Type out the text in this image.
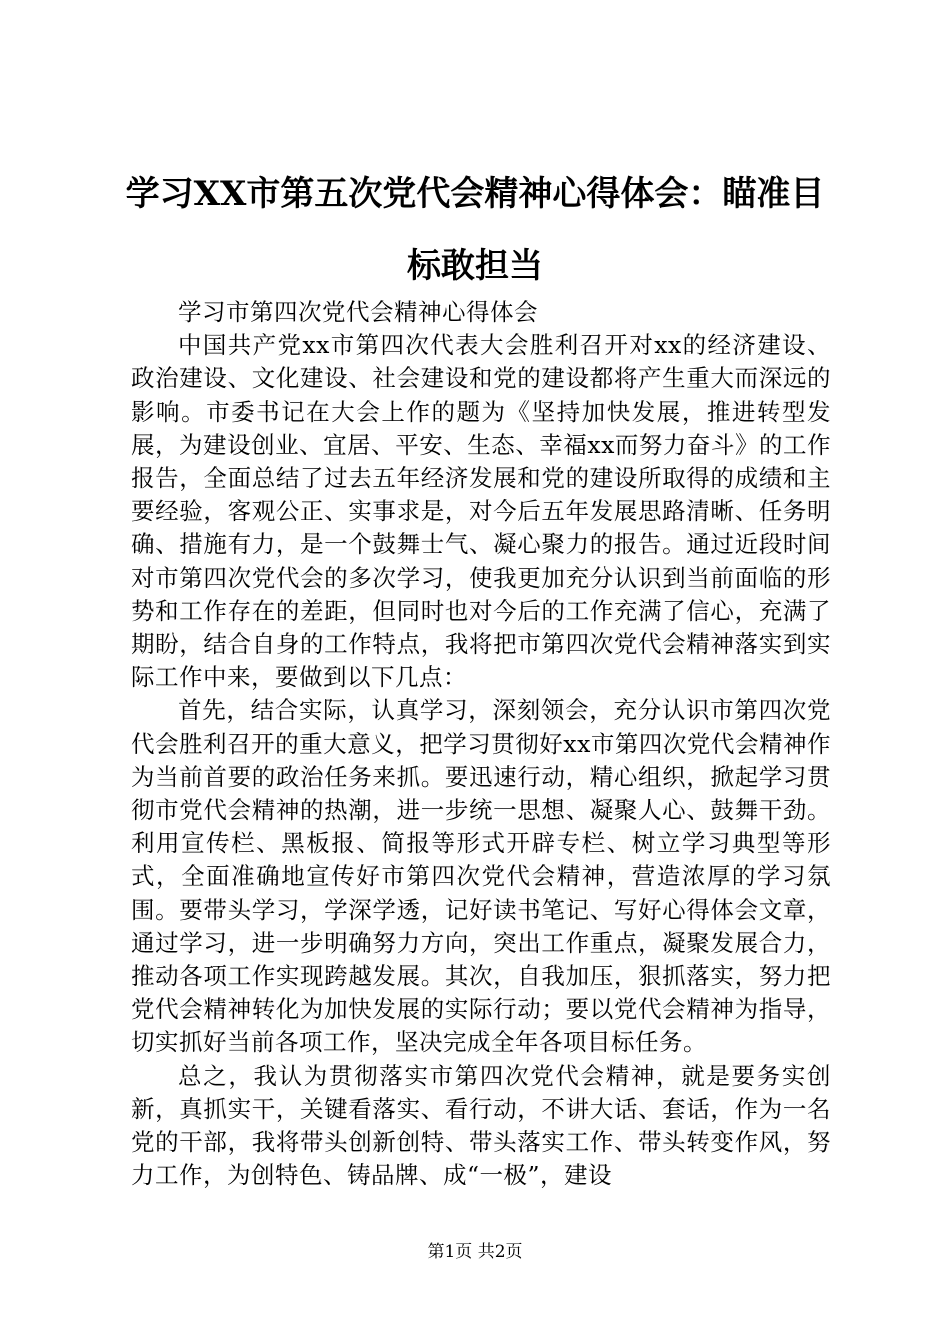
学习XX市第五次党代会精神心得体会：瞄准目标敢担当

学习市第四次党代会精神心得体会

中国共产党xx市第四次代表大会胜利召开对xx的经济建设、政治建设、文化建设、社会建设和党的建设都将产生重大而深远的影响。市委书记在大会上作的题为《坚持加快发展，推进转型发展，为建设创业、宜居、平安、生态、幸福xx而努力奋斗》的工作报告，全面总结了过去五年经济发展和党的建设所取得的成绩和主要经验，客观公正、实事求是，对今后五年发展思路清晰、任务明确、措施有力，是一个鼓舞士气、凝心聚力的报告。通过近段时间对市第四次党代会的多次学习，使我更加充分认识到当前面临的形势和工作存在的差距，但同时也对今后的工作充满了信心，充满了期盼，结合自身的工作特点，我将把市第四次党代会精神落实到实际工作中来，要做到以下几点：

首先，结合实际，认真学习，深刻领会，充分认识市第四次党代会胜利召开的重大意义，把学习贯彻好xx市第四次党代会精神作为当前首要的政治任务来抓。要迅速行动，精心组织，掀起学习贯彻市党代会精神的热潮，进一步统一思想、凝聚人心、鼓舞干劲。利用宣传栏、黑板报、简报等形式开辟专栏、树立学习典型等形式，全面准确地宣传好市第四次党代会精神，营造浓厚的学习氛围。要带头学习，学深学透，记好读书笔记、写好心得体会文章，通过学习，进一步明确努力方向，突出工作重点，凝聚发展合力，推动各项工作实现跨越发展。其次，自我加压，狠抓落实，努力把党代会精神转化为加快发展的实际行动；要以党代会精神为指导，切实抓好当前各项工作，坚决完成全年各项目标任务。

总之，我认为贯彻落实市第四次党代会精神，就是要务实创新，真抓实干，关键看落实、看行动，不讲大话、套话，作为一名党的干部，我将带头创新创特、带头落实工作、带头转变作风，努力工作，为创特色、铸品牌、成“一极”，建设

第1页 共2页
